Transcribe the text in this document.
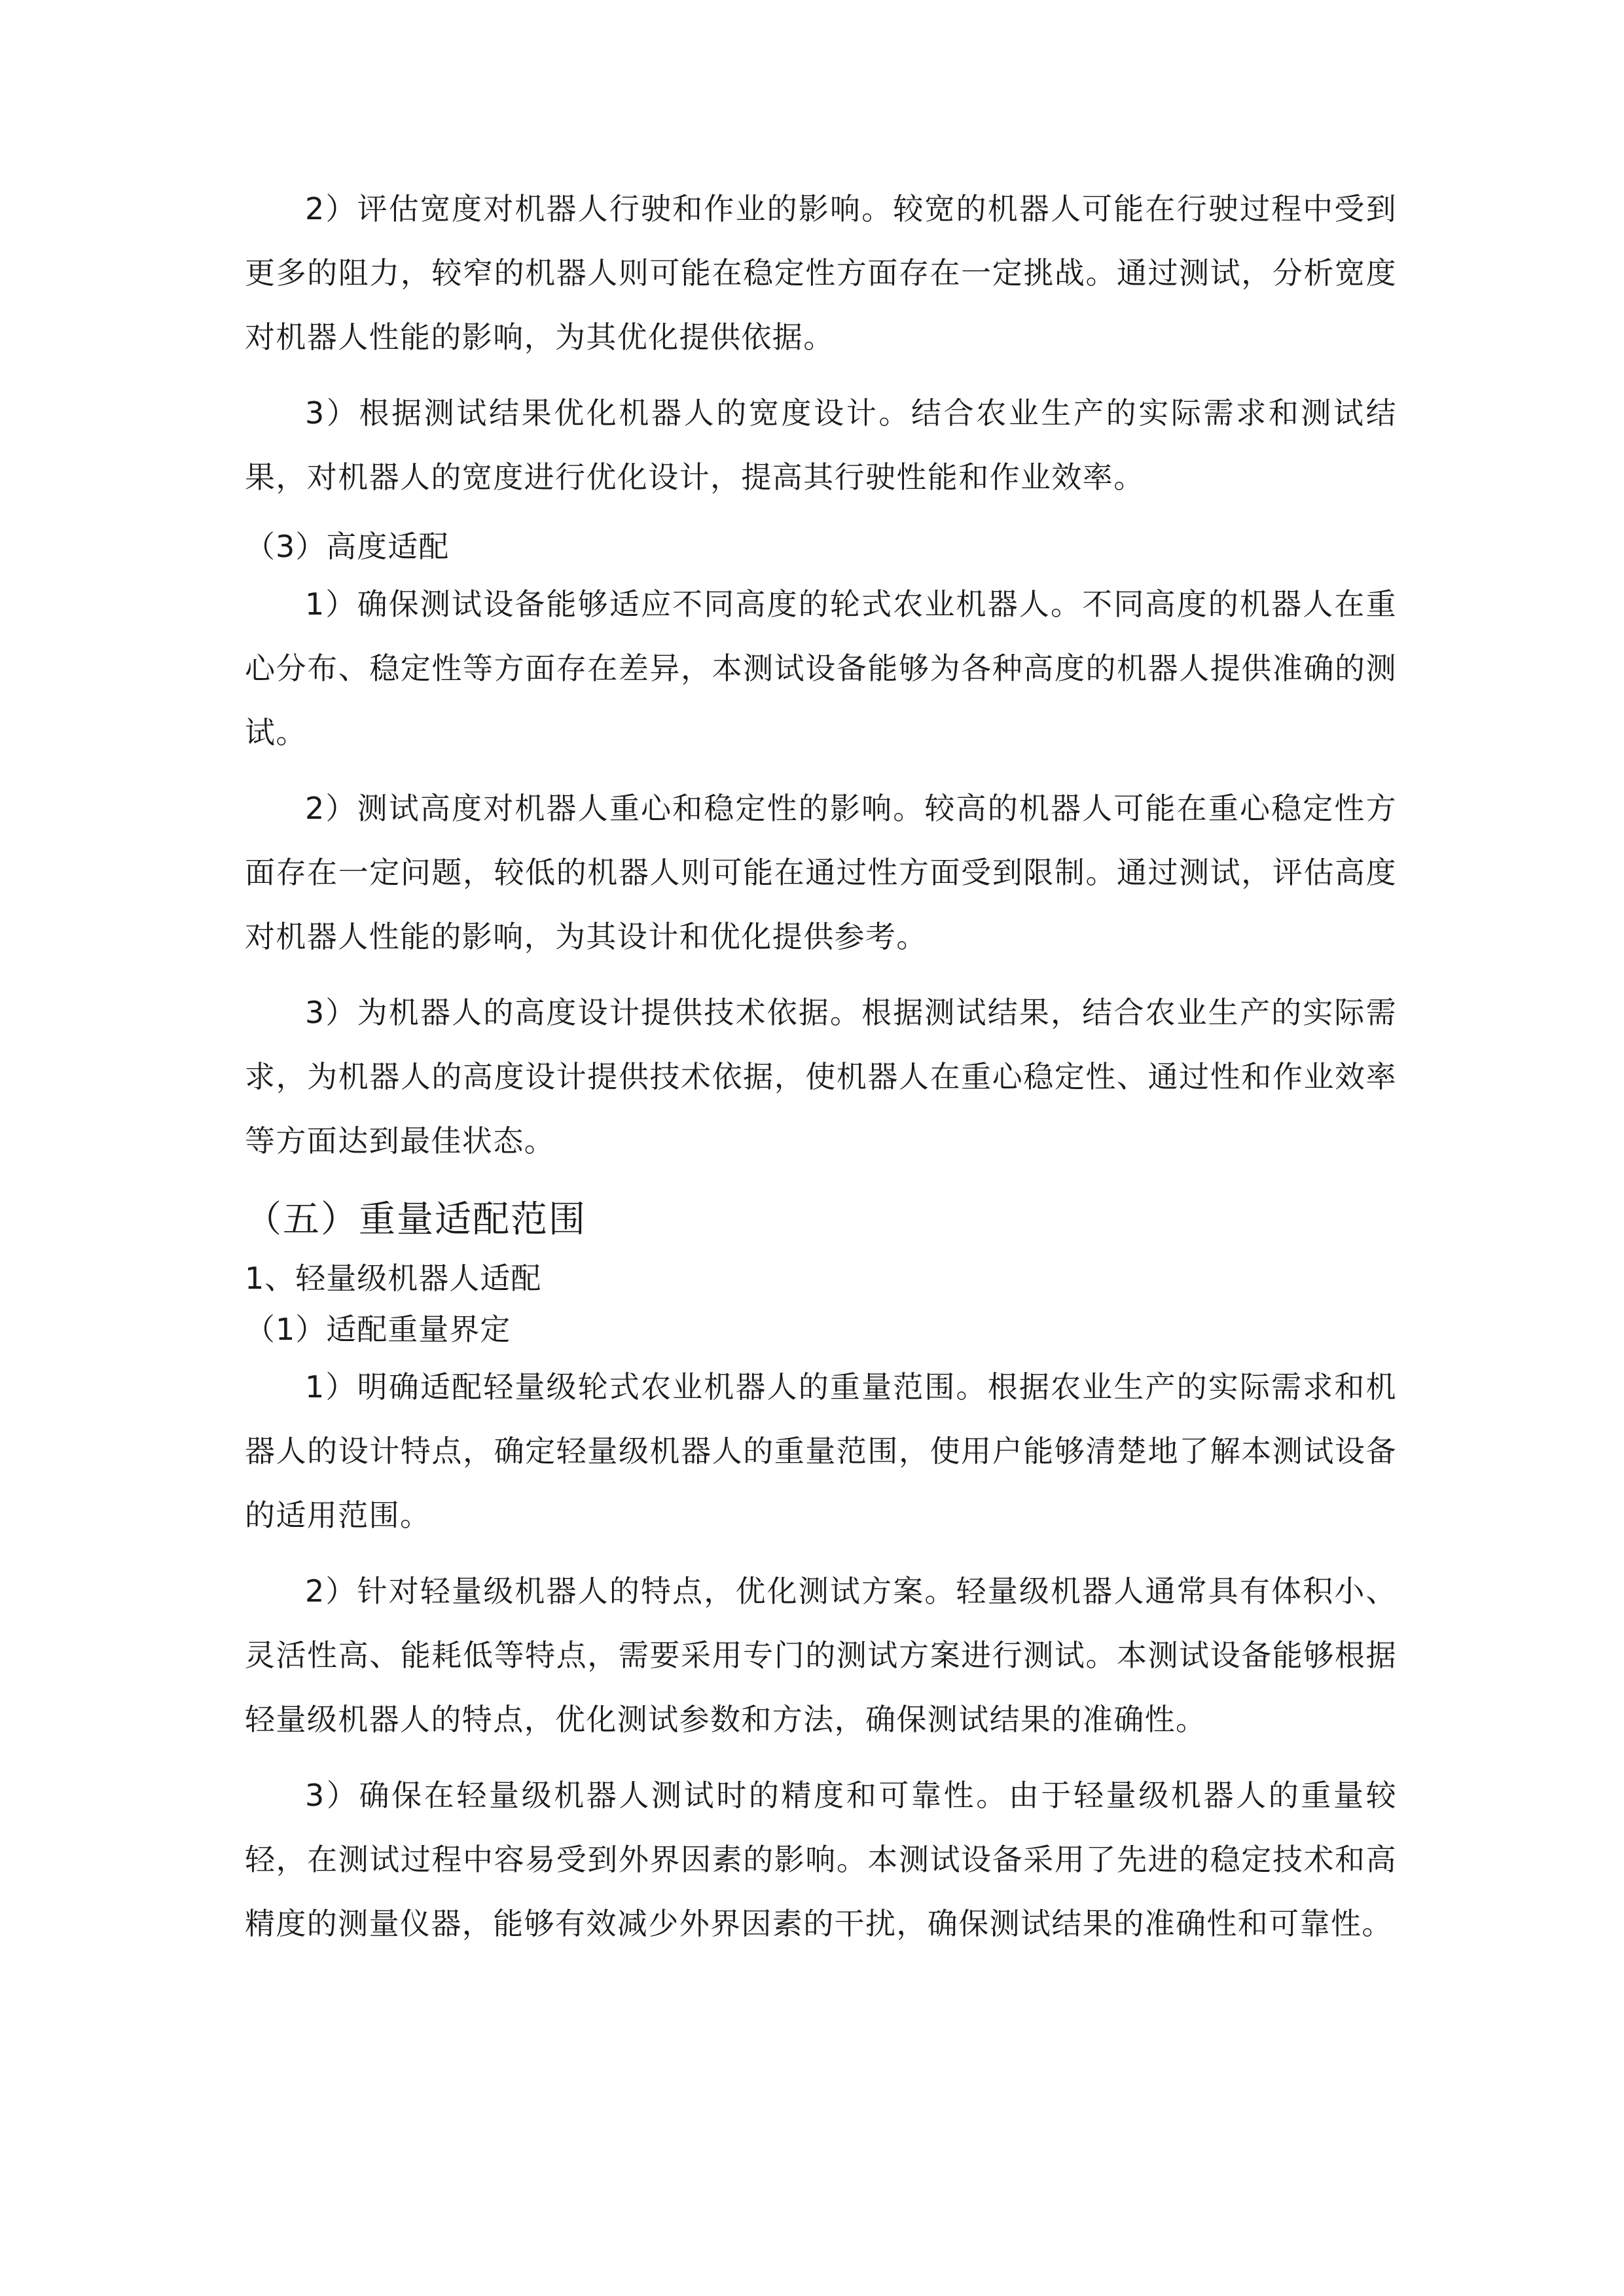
2）评估宽度对机器人行驶和作业的影响。较宽的机器人可能在行驶过程中受到更多的阻力，较窄的机器人则可能在稳定性方面存在一定挑战。通过测试，分析宽度对机器人性能的影响，为其优化提供依据。

3）根据测试结果优化机器人的宽度设计。结合农业生产的实际需求和测试结果，对机器人的宽度进行优化设计，提高其行驶性能和作业效率。

（3）高度适配

1）确保测试设备能够适应不同高度的轮式农业机器人。不同高度的机器人在重心分布、稳定性等方面存在差异，本测试设备能够为各种高度的机器人提供准确的测试。

2）测试高度对机器人重心和稳定性的影响。较高的机器人可能在重心稳定性方面存在一定问题，较低的机器人则可能在通过性方面受到限制。通过测试，评估高度对机器人性能的影响，为其设计和优化提供参考。

3）为机器人的高度设计提供技术依据。根据测试结果，结合农业生产的实际需求，为机器人的高度设计提供技术依据，使机器人在重心稳定性、通过性和作业效率等方面达到最佳状态。

（五）重量适配范围

1、轻量级机器人适配

（1）适配重量界定

1）明确适配轻量级轮式农业机器人的重量范围。根据农业生产的实际需求和机器人的设计特点，确定轻量级机器人的重量范围，使用户能够清楚地了解本测试设备的适用范围。

2）针对轻量级机器人的特点，优化测试方案。轻量级机器人通常具有体积小、灵活性高、能耗低等特点，需要采用专门的测试方案进行测试。本测试设备能够根据轻量级机器人的特点，优化测试参数和方法，确保测试结果的准确性。

3）确保在轻量级机器人测试时的精度和可靠性。由于轻量级机器人的重量较轻，在测试过程中容易受到外界因素的影响。本测试设备采用了先进的稳定技术和高精度的测量仪器，能够有效减少外界因素的干扰，确保测试结果的准确性和可靠性。
